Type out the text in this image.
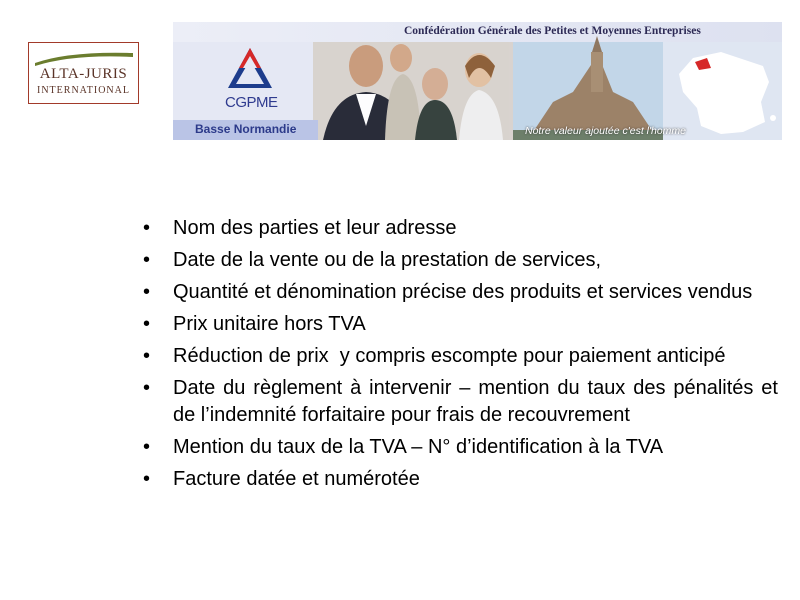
ALTA-JURIS
INTERNATIONAL
Confédération Générale des Petites et Moyennes Entreprises
CGPME
Basse Normandie	Notre valeur ajoutée c'est l'homme
• Nom des parties et leur adresse
• Date de la vente ou de la prestation de services,
• Quantité et dénomination précise des produits et services vendus
• Prix unitaire hors TVA
• Réduction de prix  y compris escompte pour paiement anticipé
• Date du règlement à intervenir – mention du taux des pénalités et de l’indemnité forfaitaire pour frais de recouvrement
• Mention du taux de la TVA – N° d’identification à la TVA
• Facture datée et numérotée
